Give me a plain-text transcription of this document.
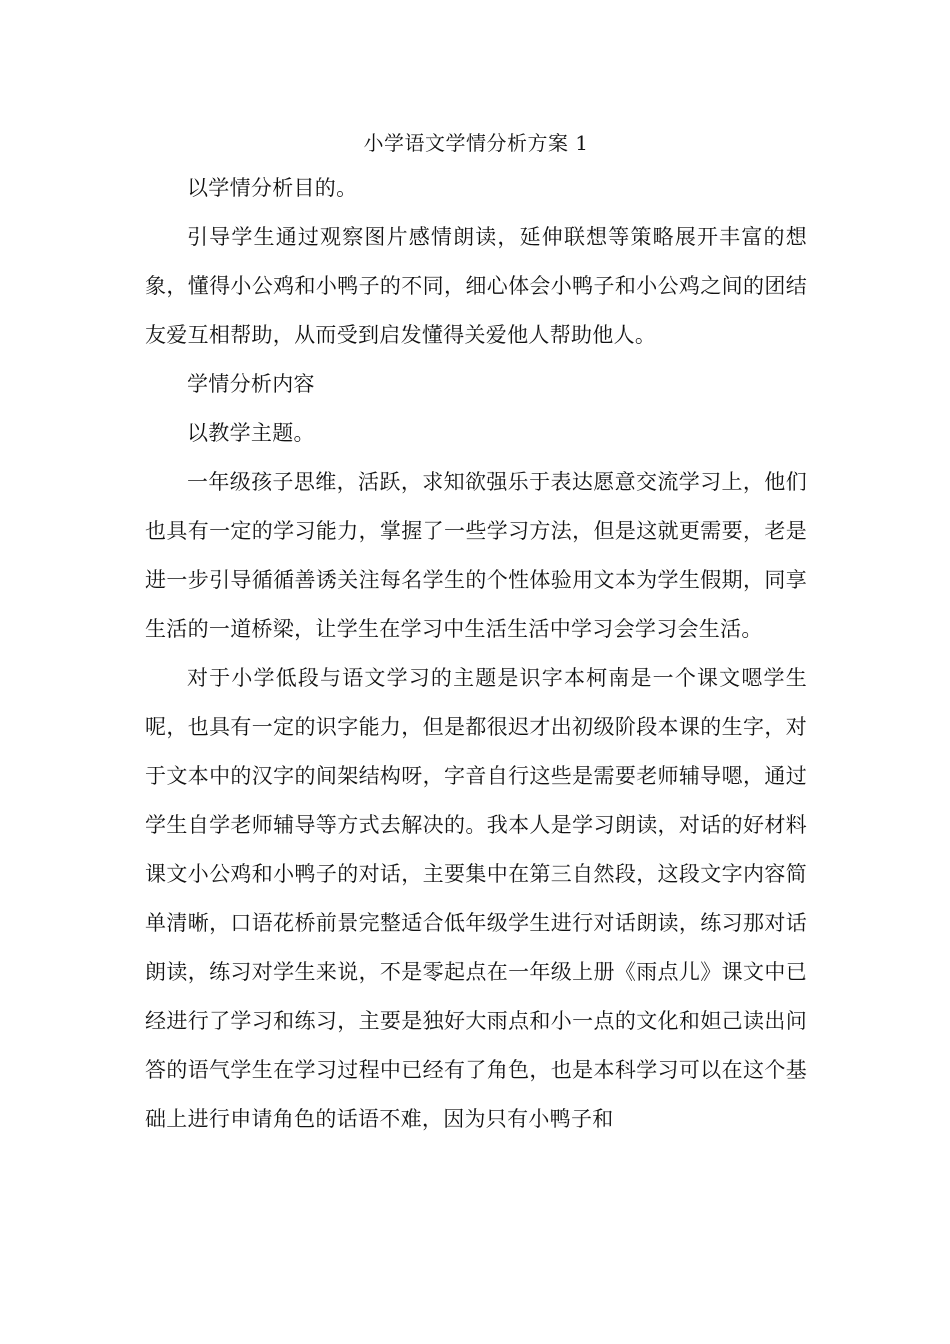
小学语文学情分析方案 1

以学情分析目的。

引导学生通过观察图片感情朗读，延伸联想等策略展开丰富的想象，懂得小公鸡和小鸭子的不同，细心体会小鸭子和小公鸡之间的团结友爱互相帮助，从而受到启发懂得关爱他人帮助他人。

学情分析内容

以教学主题。

一年级孩子思维，活跃，求知欲强乐于表达愿意交流学习上，他们也具有一定的学习能力，掌握了一些学习方法，但是这就更需要，老是进一步引导循循善诱关注每名学生的个性体验用文本为学生假期，同享生活的一道桥梁，让学生在学习中生活生活中学习会学习会生活。

对于小学低段与语文学习的主题是识字本柯南是一个课文嗯学生呢，也具有一定的识字能力，但是都很迟才出初级阶段本课的生字，对于文本中的汉字的间架结构呀，字音自行这些是需要老师辅导嗯，通过学生自学老师辅导等方式去解决的。我本人是学习朗读，对话的好材料课文小公鸡和小鸭子的对话，主要集中在第三自然段，这段文字内容简单清晰，口语花桥前景完整适合低年级学生进行对话朗读，练习那对话朗读，练习对学生来说，不是零起点在一年级上册《雨点儿》课文中已经进行了学习和练习，主要是独好大雨点和小一点的文化和妲己读出问答的语气学生在学习过程中已经有了角色，也是本科学习可以在这个基础上进行申请角色的话语不难，因为只有小鸭子和
